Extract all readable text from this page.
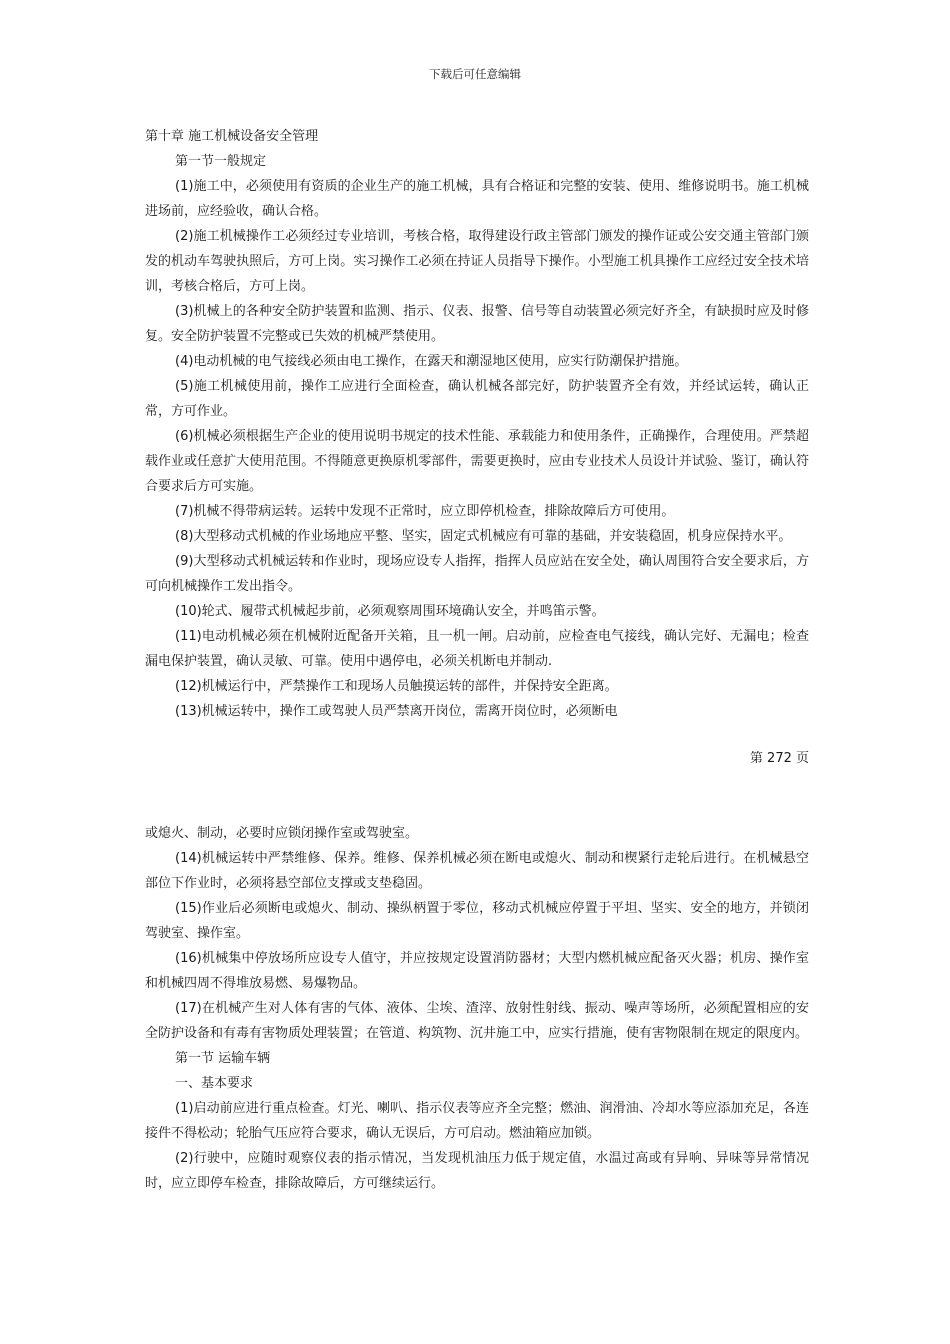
下载后可任意编辑

第十章 施工机械设备安全管理

第一节一般规定

(1)施工中，必须使用有资质的企业生产的施工机械，具有合格证和完整的安装、使用、维修说明书。施工机械进场前，应经验收，确认合格。

(2)施工机械操作工必须经过专业培训，考核合格，取得建设行政主管部门颁发的操作证或公安交通主管部门颁发的机动车驾驶执照后，方可上岗。实习操作工必须在持证人员指导下操作。小型施工机具操作工应经过安全技术培训，考核合格后，方可上岗。

(3)机械上的各种安全防护装置和监测、指示、仪表、报警、信号等自动装置必须完好齐全，有缺损时应及时修复。安全防护装置不完整或已失效的机械严禁使用。

(4)电动机械的电气接线必须由电工操作，在露天和潮湿地区使用，应实行防潮保护措施。

(5)施工机械使用前，操作工应进行全面检查，确认机械各部完好，防护装置齐全有效，并经试运转，确认正常，方可作业。

(6)机械必须根据生产企业的使用说明书规定的技术性能、承载能力和使用条件，正确操作，合理使用。严禁超载作业或任意扩大使用范围。不得随意更换原机零部件，需要更换时，应由专业技术人员设计并试验、鉴订，确认符合要求后方可实施。

(7)机械不得带病运转。运转中发现不正常时，应立即停机检查，排除故障后方可使用。

(8)大型移动式机械的作业场地应平整、坚实，固定式机械应有可靠的基础，并安装稳固，机身应保持水平。

(9)大型移动式机械运转和作业时，现场应设专人指挥，指挥人员应站在安全处，确认周围符合安全要求后，方可向机械操作工发出指令。

(10)轮式、履带式机械起步前，必须观察周围环境确认安全，并鸣笛示警。

(11)电动机械必须在机械附近配备开关箱，且一机一闸。启动前，应检查电气接线，确认完好、无漏电；检查漏电保护装置，确认灵敏、可靠。使用中遇停电，必须关机断电并制动.

(12)机械运行中，严禁操作工和现场人员触摸运转的部件，并保持安全距离。

(13)机械运转中，操作工或驾驶人员严禁离开岗位，需离开岗位时，必须断电

第 272 页

或熄火、制动，必要时应锁闭操作室或驾驶室。

(14)机械运转中严禁维修、保养。维修、保养机械必须在断电或熄火、制动和楔紧行走轮后进行。在机械悬空部位下作业时，必须将悬空部位支撑或支垫稳固。

(15)作业后必须断电或熄火、制动、操纵柄置于零位，移动式机械应停置于平坦、坚实、安全的地方，并锁闭驾驶室、操作室。

(16)机械集中停放场所应设专人值守，并应按规定设置消防器材；大型内燃机械应配备灭火器；机房、操作室和机械四周不得堆放易燃、易爆物品。

(17)在机械产生对人体有害的气体、液体、尘埃、渣滓、放射性射线、振动、噪声等场所，必须配置相应的安全防护设备和有毒有害物质处理装置；在管道、构筑物、沉井施工中，应实行措施，使有害物限制在规定的限度内。

第一节 运输车辆

一、基本要求

(1)启动前应进行重点检查。灯光、喇叭、指示仪表等应齐全完整；燃油、润滑油、冷却水等应添加充足，各连接件不得松动；轮胎气压应符合要求，确认无误后，方可启动。燃油箱应加锁。

(2)行驶中，应随时观察仪表的指示情况，当发现机油压力低于规定值，水温过高或有异响、异味等异常情况时，应立即停车检查，排除故障后，方可继续运行。
